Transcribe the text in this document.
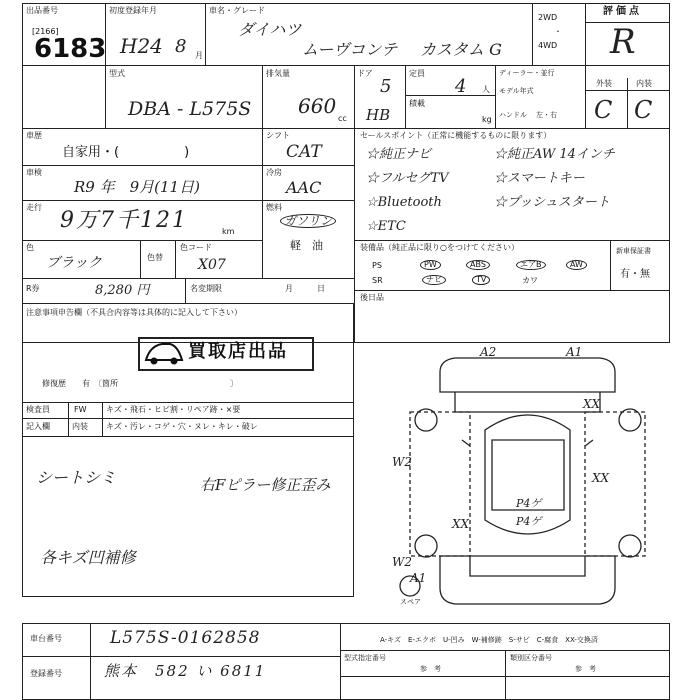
出品番号
[2166]
6183
初度登録年月
H24 8 月
車名・グレード
ダイハツ
ムーヴコンテ カスタム G
2WD
・
4WD
評価点
R
型式
DBA - L575S
排気量
660
cc
ドア
5
HB
定員
4 人
積載
kg
ディーラー・並行
モデル年式
ハンドル 左・右
外装	内装
C C
車歴
自家用・(　　　　　)
シフト
CAT
車検
R9 年　9月(11日)
冷房
AAC
走行
9万7千121	km
燃料
ガソリン
軽　油
色
ブラック	色替
色コード
X07
R券	8,280 円	名変期限	月　　　日
セールスポイント（正常に機能するものに限ります）
☆純正ナビ	☆純正AW 14インチ
☆フルセグTV	☆スマートキー
☆Bluetooth	☆プッシュスタート
☆ETC
装備品（純正品に限り○をつけてください）
PS	PW	ABS	エアB	AW
SR	ナビ	TV	カワ
新車保証書
有・無
後日品
注意事項申告欄（不具合内容等は具体的に記入して下さい）
買取店出品
修復歴　　有　〔箇所　　　　　　　　　　　　　　〕
検査員
記入欄
FW キズ・飛石・ヒビ割・リペア跡・×要
内装 キズ・汚レ・コゲ・穴・ヌレ・キレ・破レ
シートシミ	右Fピラー修正歪み
各キズ凹補修
A2	A1
XX
W2
XX
XX
P4ゲ
P4ゲ
W2
A1
スペア
車台番号	L575S-0162858
登録番号	熊本　582 い 6811
A-キズ　E-エクボ　U-凹み　W-補修跡　S-サビ　C-腐食　XX-交換済
型式指定番号	類別区分番号
参　考	参　考
